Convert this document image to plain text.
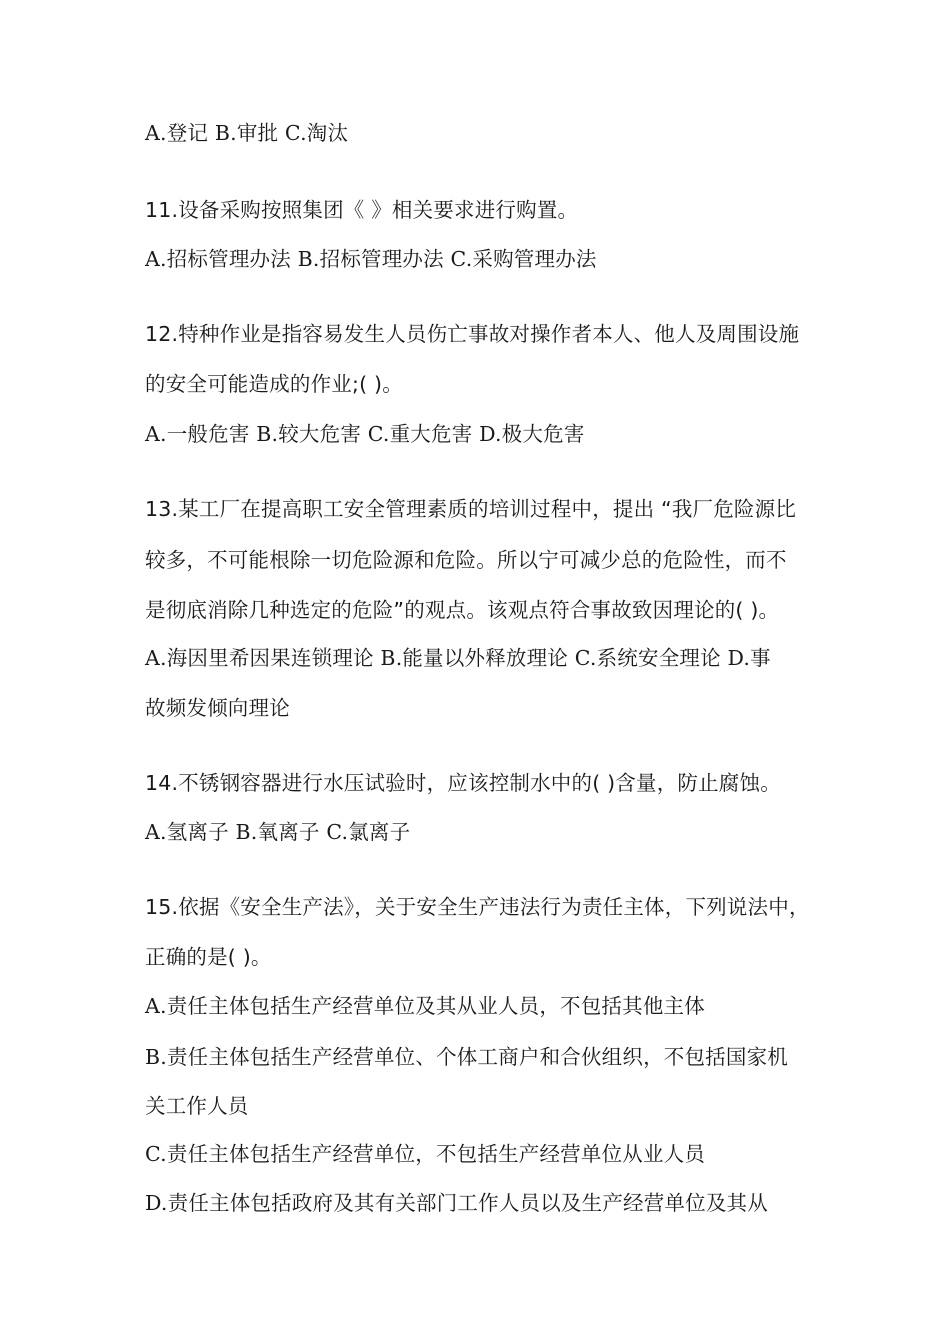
A.登记 B.审批 C.淘汰
11.设备采购按照集团《 》相关要求进行购置。
A.招标管理办法 B.招标管理办法 C.采购管理办法
12.特种作业是指容易发生人员伤亡事故对操作者本人、他人及周围设施
的安全可能造成的作业;( )。
A.一般危害 B.较大危害 C.重大危害 D.极大危害
13.某工厂在提高职工安全管理素质的培训过程中，提出 “我厂危险源比
较多，不可能根除一切危险源和危险。所以宁可减少总的危险性，而不
是彻底消除几种选定的危险”的观点。该观点符合事故致因理论的( )。
A.海因里希因果连锁理论 B.能量以外释放理论 C.系统安全理论 D.事
故频发倾向理论
14.不锈钢容器进行水压试验时，应该控制水中的( )含量，防止腐蚀。
A.氢离子 B.氧离子 C.氯离子
15.依据《安全生产法》，关于安全生产违法行为责任主体，下列说法中，
正确的是( )。
A.责任主体包括生产经营单位及其从业人员，不包括其他主体
B.责任主体包括生产经营单位、个体工商户和合伙组织，不包括国家机
关工作人员
C.责任主体包括生产经营单位，不包括生产经营单位从业人员
D.责任主体包括政府及其有关部门工作人员以及生产经营单位及其从
